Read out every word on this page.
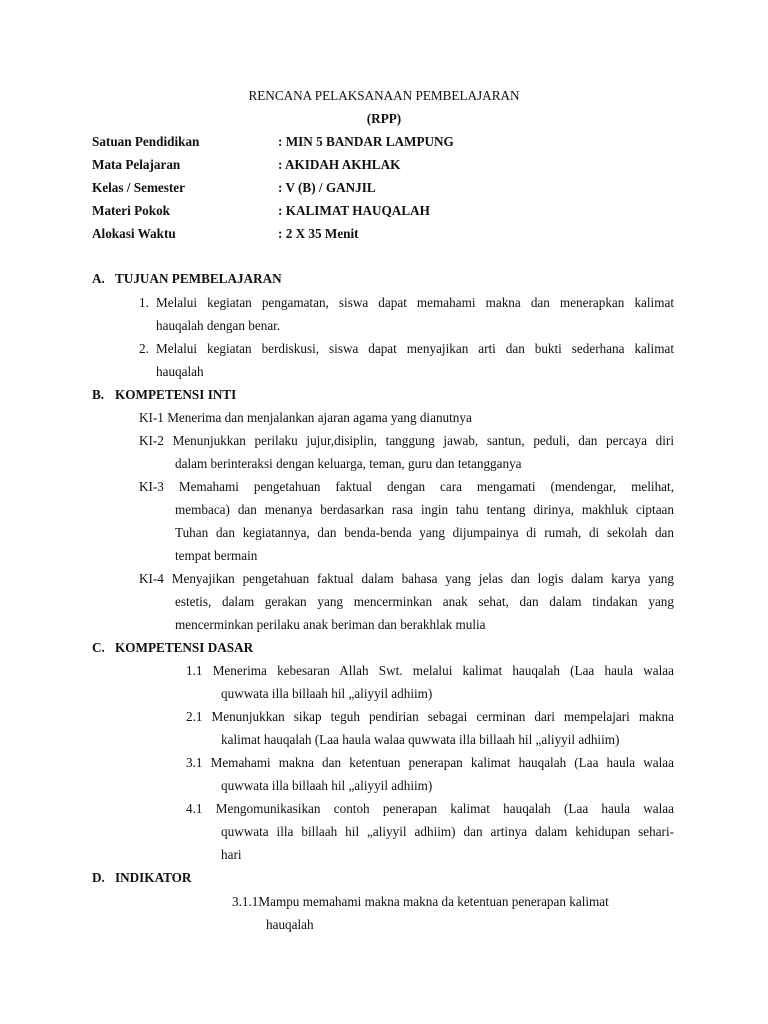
RENCANA PELAKSANAAN PEMBELAJARAN
(RPP)
Satuan Pendidikan	: MIN 5 BANDAR LAMPUNG
Mata Pelajaran	: AKIDAH AKHLAK
Kelas / Semester	: V (B) / GANJIL
Materi Pokok	: KALIMAT HAUQALAH
Alokasi Waktu	: 2 X 35 Menit
A. TUJUAN PEMBELAJARAN
1. Melalui kegiatan pengamatan, siswa dapat memahami makna dan menerapkan kalimat
hauqalah dengan benar.
2. Melalui kegiatan berdiskusi, siswa dapat menyajikan arti dan bukti sederhana kalimat
hauqalah
B. KOMPETENSI INTI
KI-1 Menerima dan menjalankan ajaran agama yang dianutnya
KI-2 Menunjukkan perilaku jujur,disiplin, tanggung jawab, santun, peduli, dan percaya diri
dalam berinteraksi dengan keluarga, teman, guru dan tetangganya
KI-3 Memahami pengetahuan faktual dengan cara mengamati (mendengar, melihat,
membaca) dan menanya berdasarkan rasa ingin tahu tentang dirinya, makhluk ciptaan
Tuhan dan kegiatannya, dan benda-benda yang dijumpainya di rumah, di sekolah dan
tempat bermain
KI-4 Menyajikan pengetahuan faktual dalam bahasa yang jelas dan logis dalam karya yang
estetis, dalam gerakan yang mencerminkan anak sehat, dan dalam tindakan yang
mencerminkan perilaku anak beriman dan berakhlak mulia
C. KOMPETENSI DASAR
1.1 Menerima kebesaran Allah Swt. melalui kalimat hauqalah (Laa haula walaa
quwwata illa billaah hil „aliyyil adhiim)
2.1 Menunjukkan sikap teguh pendirian sebagai cerminan dari mempelajari makna
kalimat hauqalah (Laa haula walaa quwwata illa billaah hil „aliyyil adhiim)
3.1 Memahami makna dan ketentuan penerapan kalimat hauqalah (Laa haula walaa
quwwata illa billaah hil „aliyyil adhiim)
4.1 Mengomunikasikan contoh penerapan kalimat hauqalah (Laa haula walaa
quwwata illa billaah hil „aliyyil adhiim) dan artinya dalam kehidupan sehari-
hari
D. INDIKATOR
3.1.1Mampu memahami makna makna da ketentuan penerapan kalimat
hauqalah
